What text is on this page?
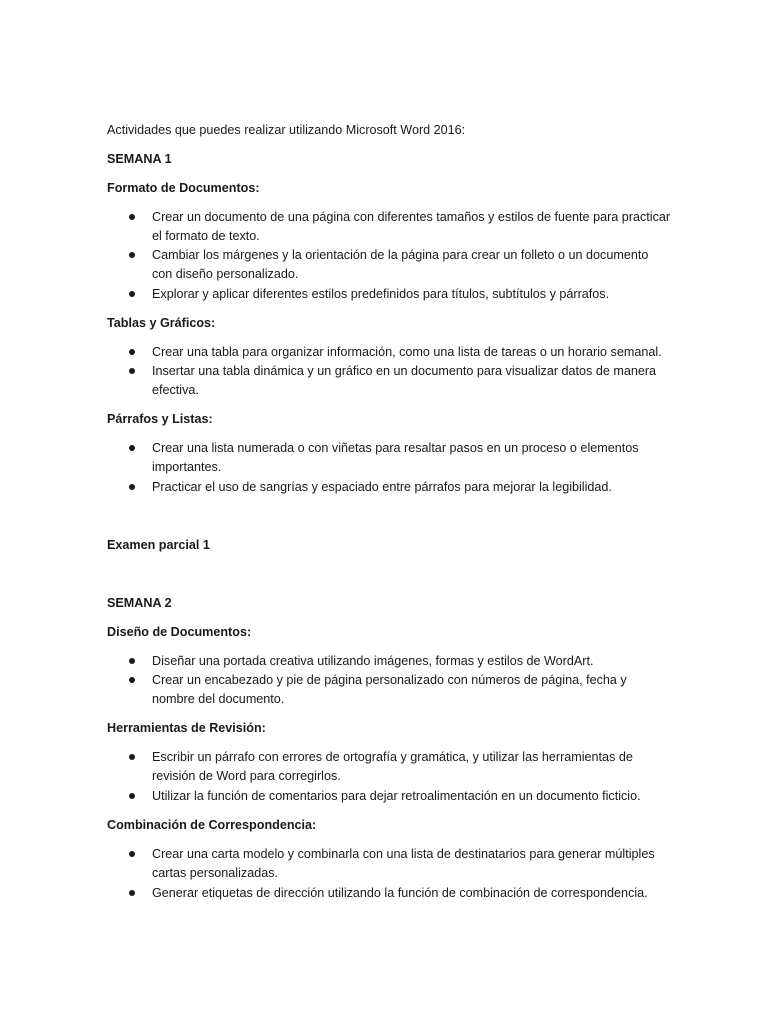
Actividades que puedes realizar utilizando Microsoft Word 2016:
SEMANA 1
Formato de Documentos:
Crear un documento de una página con diferentes tamaños y estilos de fuente para practicar el formato de texto.
Cambiar los márgenes y la orientación de la página para crear un folleto o un documento con diseño personalizado.
Explorar y aplicar diferentes estilos predefinidos para títulos, subtítulos y párrafos.
Tablas y Gráficos:
Crear una tabla para organizar información, como una lista de tareas o un horario semanal.
Insertar una tabla dinámica y un gráfico en un documento para visualizar datos de manera efectiva.
Párrafos y Listas:
Crear una lista numerada o con viñetas para resaltar pasos en un proceso o elementos importantes.
Practicar el uso de sangrías y espaciado entre párrafos para mejorar la legibilidad.
Examen parcial 1
SEMANA 2
Diseño de Documentos:
Diseñar una portada creativa utilizando imágenes, formas y estilos de WordArt.
Crear un encabezado y pie de página personalizado con números de página, fecha y nombre del documento.
Herramientas de Revisión:
Escribir un párrafo con errores de ortografía y gramática, y utilizar las herramientas de revisión de Word para corregirlos.
Utilizar la función de comentarios para dejar retroalimentación en un documento ficticio.
Combinación de Correspondencia:
Crear una carta modelo y combinarla con una lista de destinatarios para generar múltiples cartas personalizadas.
Generar etiquetas de dirección utilizando la función de combinación de correspondencia.
